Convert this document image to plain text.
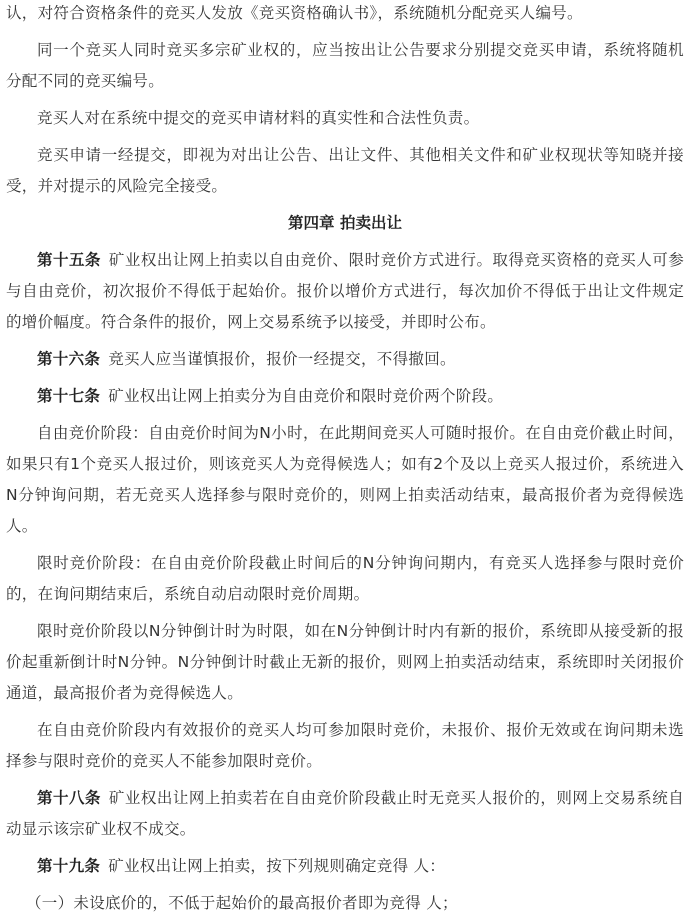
认，对符合资格条件的竞买人发放《竞买资格确认书》，系统随机分配竞买人编号。

同一个竞买人同时竞买多宗矿业权的，应当按出让公告要求分别提交竞买申请，系统将随机分配不同的竞买编号。

竞买人对在系统中提交的竞买申请材料的真实性和合法性负责。

竞买申请一经提交，即视为对出让公告、出让文件、其他相关文件和矿业权现状等知晓并接受，并对提示的风险完全接受。

第四章 拍卖出让

第十五条 矿业权出让网上拍卖以自由竞价、限时竞价方式进行。取得竞买资格的竞买人可参与自由竞价，初次报价不得低于起始价。报价以增价方式进行，每次加价不得低于出让文件规定的增价幅度。符合条件的报价，网上交易系统予以接受，并即时公布。

第十六条 竞买人应当谨慎报价，报价一经提交，不得撤回。

第十七条 矿业权出让网上拍卖分为自由竞价和限时竞价两个阶段。

自由竞价阶段：自由竞价时间为N小时，在此期间竞买人可随时报价。在自由竞价截止时间，如果只有1个竞买人报过价，则该竞买人为竞得候选人；如有2个及以上竞买人报过价，系统进入N分钟询问期，若无竞买人选择参与限时竞价的，则网上拍卖活动结束，最高报价者为竞得候选人。

限时竞价阶段：在自由竞价阶段截止时间后的N分钟询问期内，有竞买人选择参与限时竞价的，在询问期结束后，系统自动启动限时竞价周期。

限时竞价阶段以N分钟倒计时为时限，如在N分钟倒计时内有新的报价，系统即从接受新的报价起重新倒计时N分钟。N分钟倒计时截止无新的报价，则网上拍卖活动结束，系统即时关闭报价通道，最高报价者为竞得候选人。

在自由竞价阶段内有效报价的竞买人均可参加限时竞价，未报价、报价无效或在询问期未选择参与限时竞价的竞买人不能参加限时竞价。

第十八条 矿业权出让网上拍卖若在自由竞价阶段截止时无竞买人报价的，则网上交易系统自动显示该宗矿业权不成交。

第十九条 矿业权出让网上拍卖，按下列规则确定竞得 人：

（一）未设底价的，不低于起始价的最高报价者即为竞得 人；
